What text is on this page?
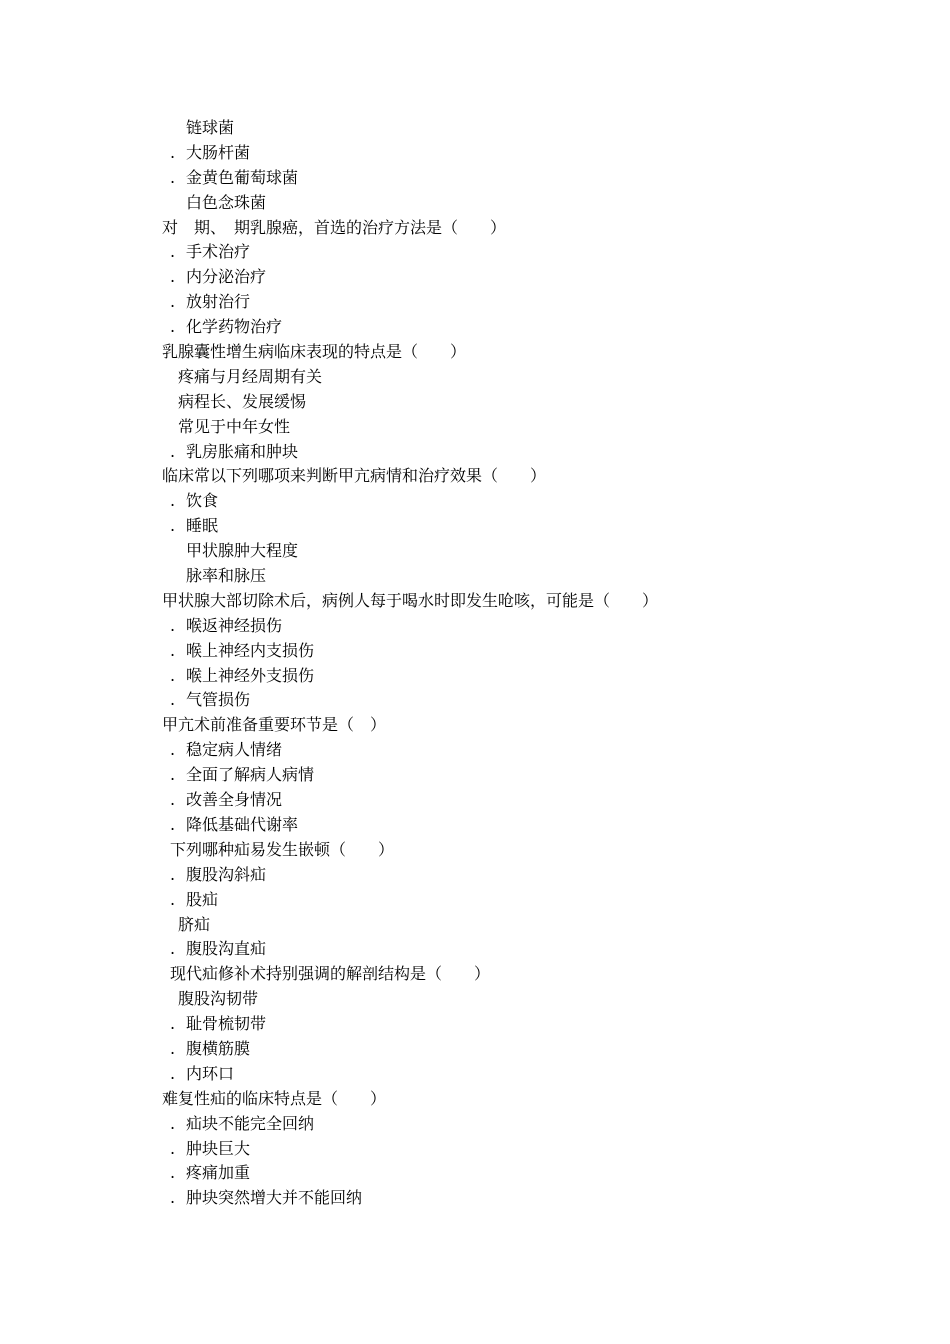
链球菌
. 大肠杆菌
. 金黄色葡萄球菌
白色念珠菌
对　期、　期乳腺癌，首选的治疗方法是（　　）
. 手术治疗
. 内分泌治疗
. 放射治行
. 化学药物治疗
乳腺囊性增生病临床表现的特点是（　　）
疼痛与月经周期有关
病程长、发展缓惕
常见于中年女性
. 乳房胀痛和肿块
临床常以下列哪项来判断甲亢病情和治疗效果（　　）
. 饮食
. 睡眠
甲状腺肿大程度
脉率和脉压
甲状腺大部切除术后，病例人每于喝水时即发生呛咳，可能是（　　）
. 喉返神经损伤
. 喉上神经内支损伤
. 喉上神经外支损伤
. 气管损伤
甲亢术前准备重要环节是（　）
. 稳定病人情绪
. 全面了解病人病情
. 改善全身情况
. 降低基础代谢率
下列哪种疝易发生嵌顿（　　）
. 腹股沟斜疝
. 股疝
脐疝
. 腹股沟直疝
现代疝修补术持别强调的解剖结构是（　　）
腹股沟韧带
. 耻骨梳韧带
. 腹横筋膜
. 内环口
难复性疝的临床特点是（　　）
. 疝块不能完全回纳
. 肿块巨大
. 疼痛加重
. 肿块突然增大并不能回纳
